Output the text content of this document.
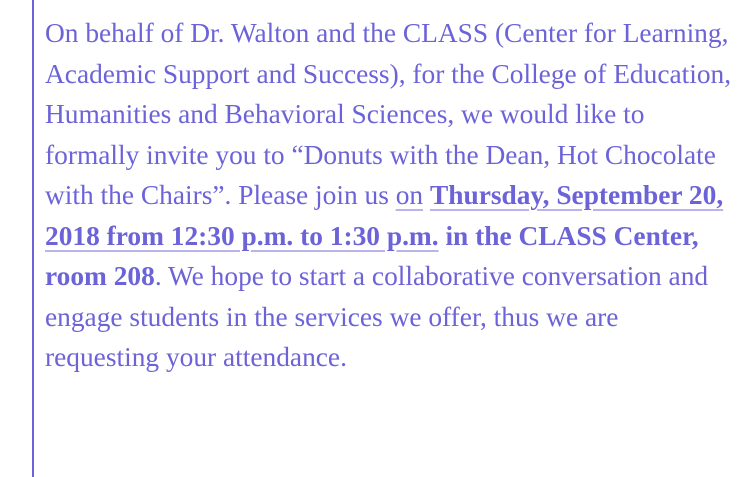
On behalf of Dr. Walton and the CLASS (Center for Learning, Academic Support and Success), for the College of Education, Humanities and Behavioral Sciences, we would like to formally invite you to “Donuts with the Dean, Hot Chocolate with the Chairs”. Please join us on Thursday, September 20, 2018 from 12:30 p.m. to 1:30 p.m. in the CLASS Center, room 208. We hope to start a collaborative conversation and engage students in the services we offer, thus we are requesting your attendance.
